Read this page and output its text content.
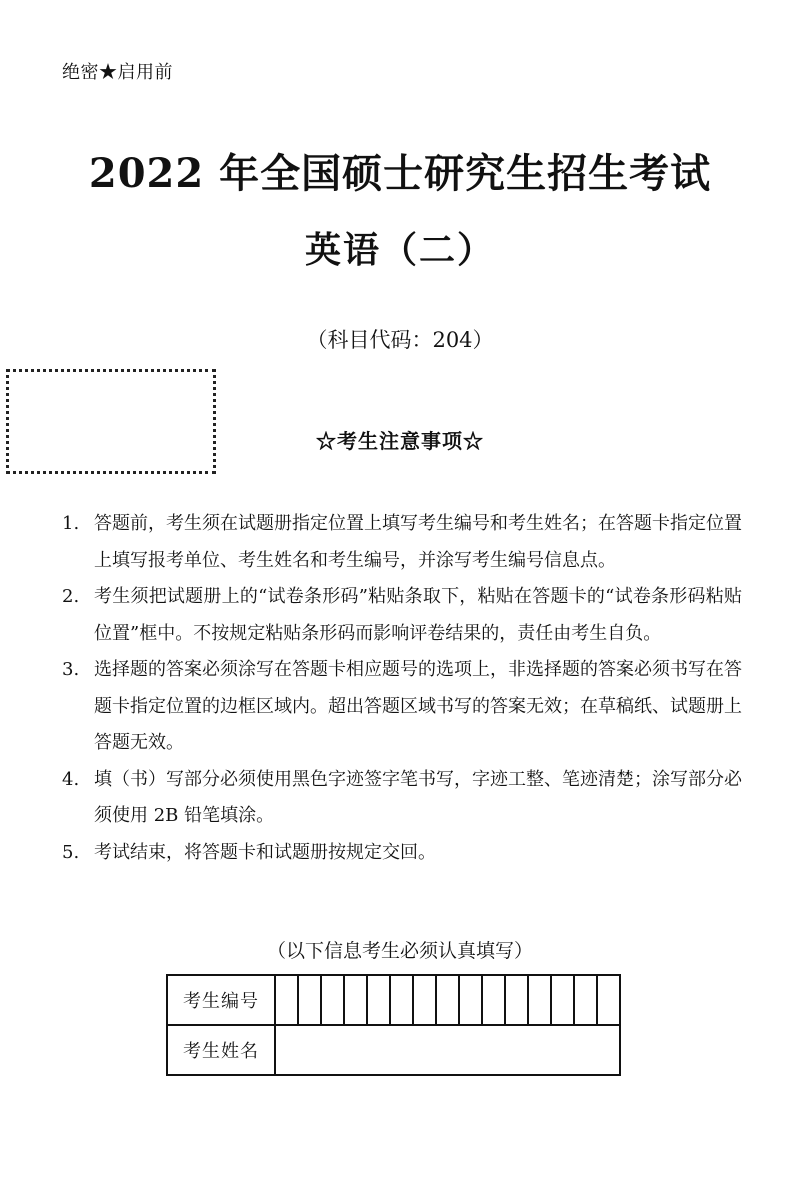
绝密★启用前
2022 年全国硕士研究生招生考试
英语（二）
（科目代码：204）
☆考生注意事项☆
1. 答题前，考生须在试题册指定位置上填写考生编号和考生姓名；在答题卡指定位置上填写报考单位、考生姓名和考生编号，并涂写考生编号信息点。
2. 考生须把试题册上的“试卷条形码”粘贴条取下，粘贴在答题卡的“试卷条形码粘贴位置”框中。不按规定粘贴条形码而影响评卷结果的，责任由考生自负。
3. 选择题的答案必须涂写在答题卡相应题号的选项上，非选择题的答案必须书写在答题卡指定位置的边框区域内。超出答题区域书写的答案无效；在草稿纸、试题册上答题无效。
4. 填（书）写部分必须使用黑色字迹签字笔书写，字迹工整、笔迹清楚；涂写部分必须使用 2B 铅笔填涂。
5. 考试结束，将答题卡和试题册按规定交回。
（以下信息考生必须认真填写）
考生编号															
考生姓名															
